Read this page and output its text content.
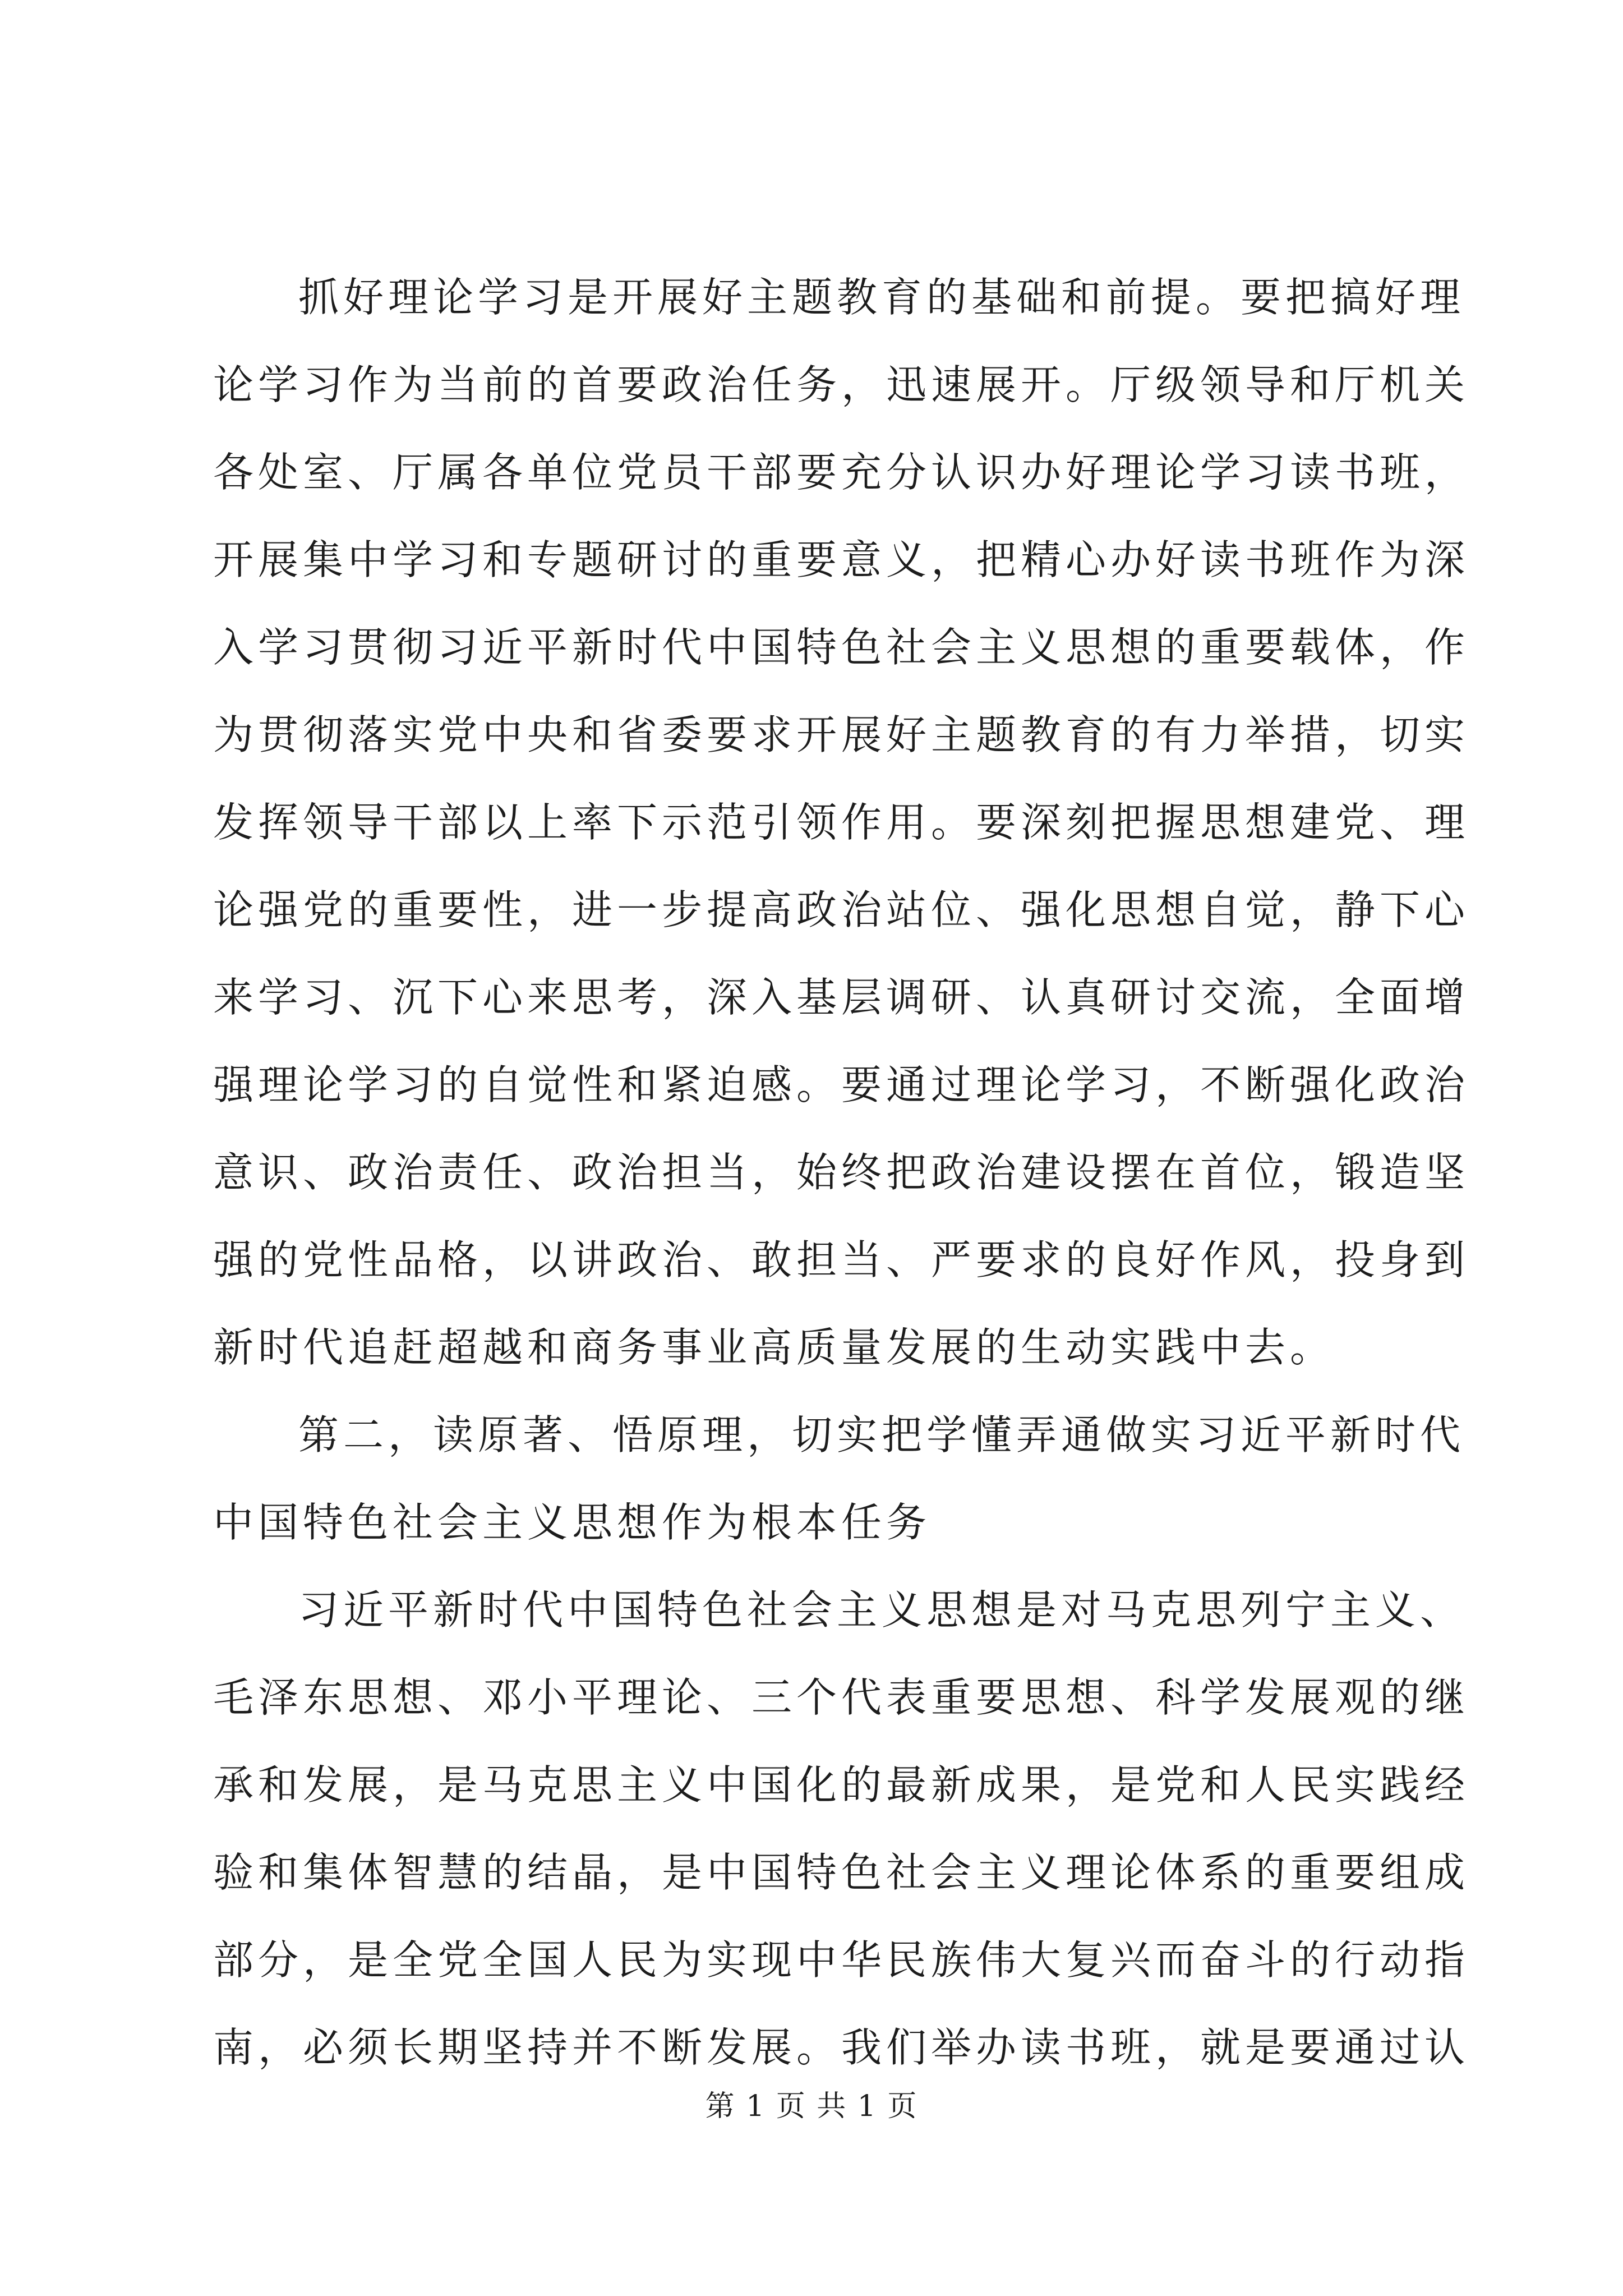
抓好理论学习是开展好主题教育的基础和前提。要把搞好理
论学习作为当前的首要政治任务，迅速展开。厅级领导和厅机关
各处室、厅属各单位党员干部要充分认识办好理论学习读书班，
开展集中学习和专题研讨的重要意义，把精心办好读书班作为深
入学习贯彻习近平新时代中国特色社会主义思想的重要载体，作
为贯彻落实党中央和省委要求开展好主题教育的有力举措，切实
发挥领导干部以上率下示范引领作用。要深刻把握思想建党、理
论强党的重要性，进一步提高政治站位、强化思想自觉，静下心
来学习、沉下心来思考，深入基层调研、认真研讨交流，全面增
强理论学习的自觉性和紧迫感。要通过理论学习，不断强化政治
意识、政治责任、政治担当，始终把政治建设摆在首位，锻造坚
强的党性品格，以讲政治、敢担当、严要求的良好作风，投身到
新时代追赶超越和商务事业高质量发展的生动实践中去。
第二，读原著、悟原理，切实把学懂弄通做实习近平新时代
中国特色社会主义思想作为根本任务
习近平新时代中国特色社会主义思想是对马克思列宁主义、
毛泽东思想、邓小平理论、三个代表重要思想、科学发展观的继
承和发展，是马克思主义中国化的最新成果，是党和人民实践经
验和集体智慧的结晶，是中国特色社会主义理论体系的重要组成
部分，是全党全国人民为实现中华民族伟大复兴而奋斗的行动指
南，必须长期坚持并不断发展。我们举办读书班，就是要通过认
第 1 页 共 1 页
